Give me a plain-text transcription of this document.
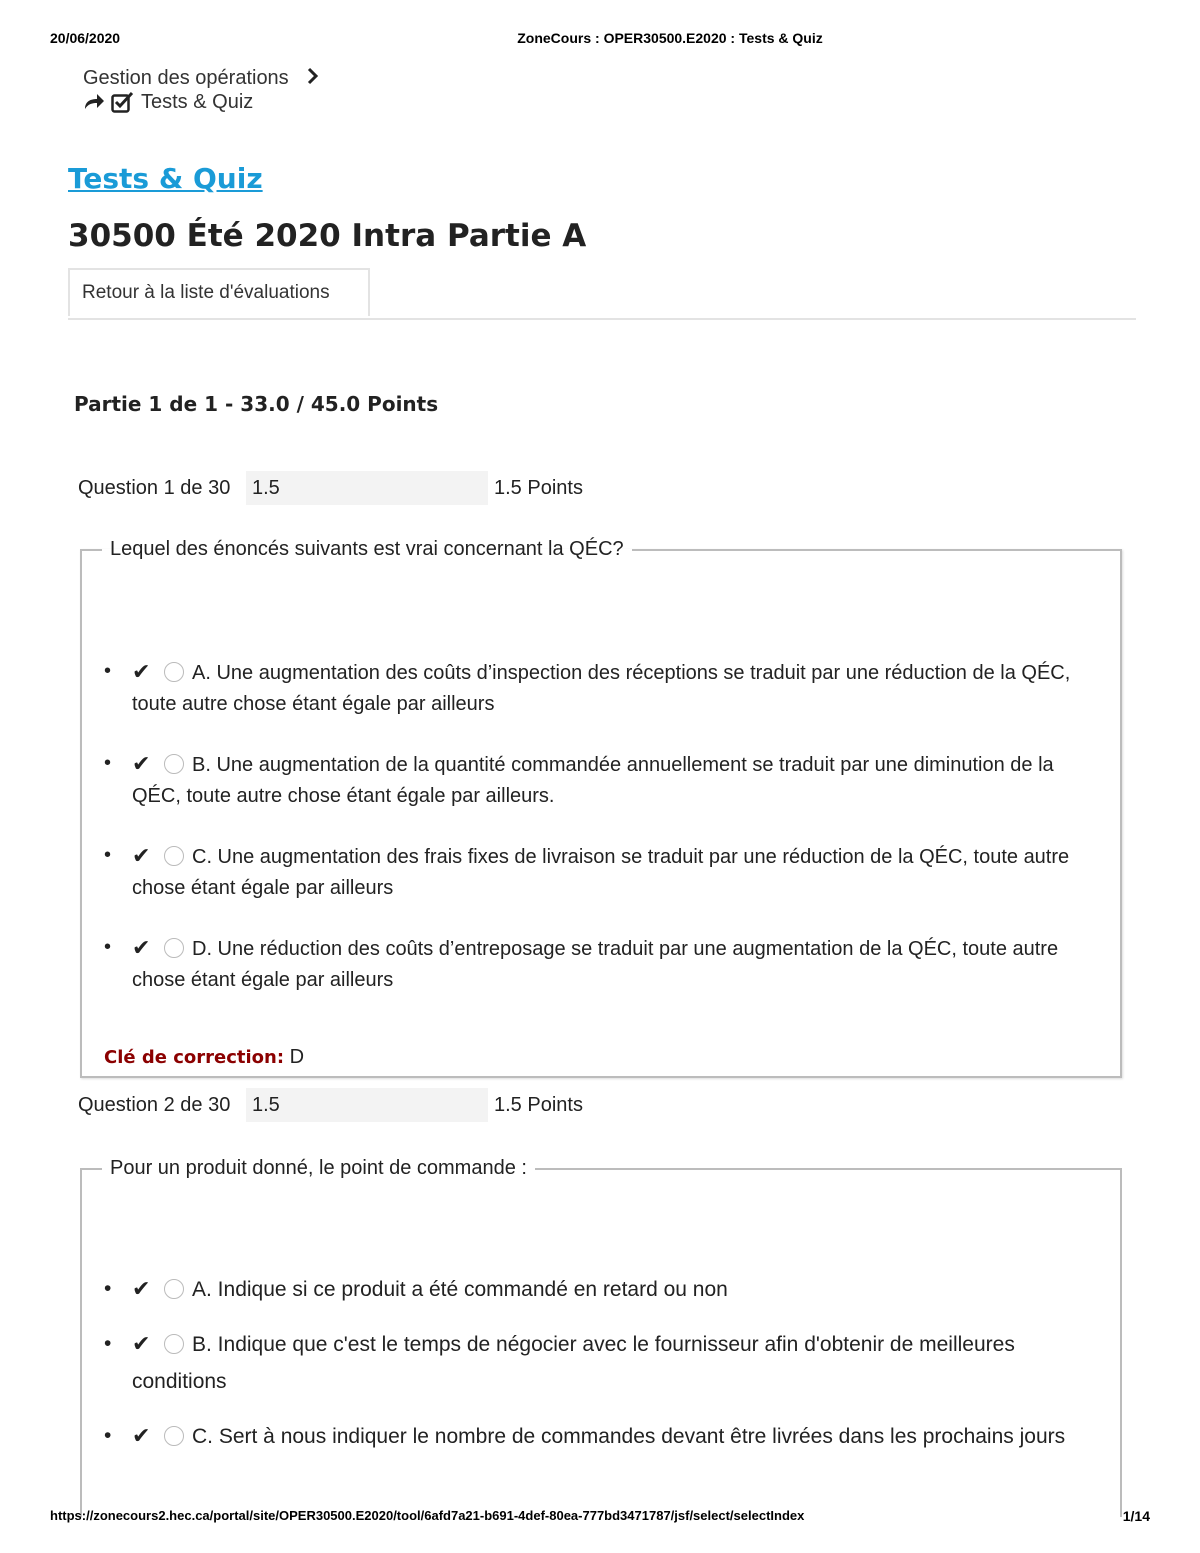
20/06/2020	ZoneCours : OPER30500.E2020 : Tests & Quiz
Gestion des opérations
Tests & Quiz
Tests & Quiz
30500 Été 2020 Intra Partie A
Retour à la liste d'évaluations
Partie 1 de 1 - 33.0 / 45.0 Points
Question 1 de 30	1.5	1.5 Points
Lequel des énoncés suivants est vrai concernant la QÉC?
• ✔ A. Une augmentation des coûts d’inspection des réceptions se traduit par une réduction de la QÉC, toute autre chose étant égale par ailleurs
• ✔ B. Une augmentation de la quantité commandée annuellement se traduit par une diminution de la QÉC, toute autre chose étant égale par ailleurs.
• ✔ C. Une augmentation des frais fixes de livraison se traduit par une réduction de la QÉC, toute autre chose étant égale par ailleurs
• ✔ D. Une réduction des coûts d’entreposage se traduit par une augmentation de la QÉC, toute autre chose étant égale par ailleurs
Clé de correction: D
Question 2 de 30	1.5	1.5 Points
Pour un produit donné, le point de commande :
• ✔ A. Indique si ce produit a été commandé en retard ou non
• ✔ B. Indique que c'est le temps de négocier avec le fournisseur afin d'obtenir de meilleures conditions
• ✔ C. Sert à nous indiquer le nombre de commandes devant être livrées dans les prochains jours
https://zonecours2.hec.ca/portal/site/OPER30500.E2020/tool/6afd7a21-b691-4def-80ea-777bd3471787/jsf/select/selectIndex	1/14
